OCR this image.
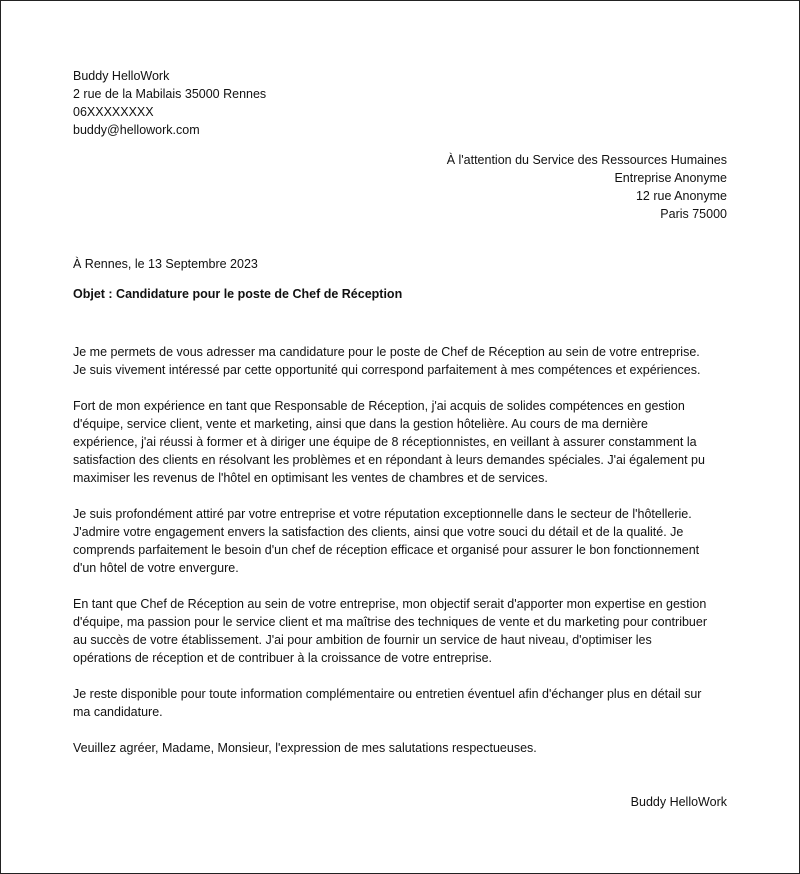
Buddy HelloWork
2 rue de la Mabilais 35000 Rennes
06XXXXXXXX
buddy@hellowork.com
À l'attention du Service des Ressources Humaines
Entreprise Anonyme
12 rue Anonyme
Paris 75000
À Rennes, le 13 Septembre 2023
Objet : Candidature pour le poste de Chef de Réception
Je me permets de vous adresser ma candidature pour le poste de Chef de Réception au sein de votre entreprise.
Je suis vivement intéressé par cette opportunité qui correspond parfaitement à mes compétences et expériences.
Fort de mon expérience en tant que Responsable de Réception, j'ai acquis de solides compétences en gestion
d'équipe, service client, vente et marketing, ainsi que dans la gestion hôtelière. Au cours de ma dernière
expérience, j'ai réussi à former et à diriger une équipe de 8 réceptionnistes, en veillant à assurer constamment la
satisfaction des clients en résolvant les problèmes et en répondant à leurs demandes spéciales. J'ai également pu
maximiser les revenus de l'hôtel en optimisant les ventes de chambres et de services.
Je suis profondément attiré par votre entreprise et votre réputation exceptionnelle dans le secteur de l'hôtellerie.
J'admire votre engagement envers la satisfaction des clients, ainsi que votre souci du détail et de la qualité. Je
comprends parfaitement le besoin d'un chef de réception efficace et organisé pour assurer le bon fonctionnement
d'un hôtel de votre envergure.
En tant que Chef de Réception au sein de votre entreprise, mon objectif serait d'apporter mon expertise en gestion
d'équipe, ma passion pour le service client et ma maîtrise des techniques de vente et du marketing pour contribuer
au succès de votre établissement. J'ai pour ambition de fournir un service de haut niveau, d'optimiser les
opérations de réception et de contribuer à la croissance de votre entreprise.
Je reste disponible pour toute information complémentaire ou entretien éventuel afin d'échanger plus en détail sur
ma candidature.
Veuillez agréer, Madame, Monsieur, l'expression de mes salutations respectueuses.
Buddy HelloWork
